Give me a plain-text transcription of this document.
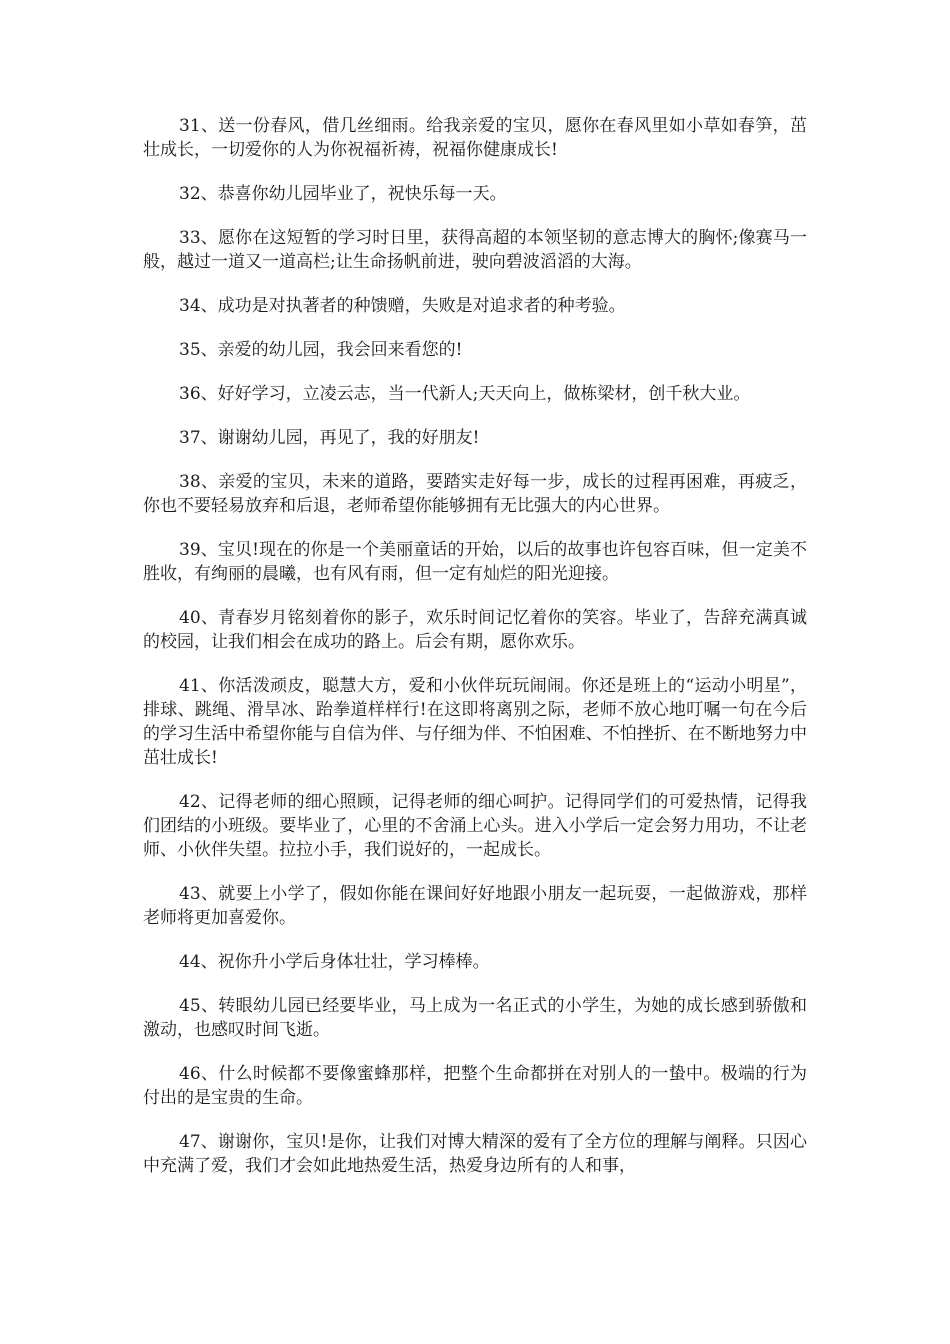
31、送一份春风，借几丝细雨。给我亲爱的宝贝，愿你在春风里如小草如春笋，茁壮成长，一切爱你的人为你祝福祈祷，祝福你健康成长!

32、恭喜你幼儿园毕业了，祝快乐每一天。

33、愿你在这短暂的学习时日里，获得高超的本领坚韧的意志博大的胸怀;像赛马一般，越过一道又一道高栏;让生命扬帆前进，驶向碧波滔滔的大海。

34、成功是对执著者的种馈赠，失败是对追求者的种考验。

35、亲爱的幼儿园，我会回来看您的!

36、好好学习，立凌云志，当一代新人;天天向上，做栋梁材，创千秋大业。

37、谢谢幼儿园，再见了，我的好朋友!

38、亲爱的宝贝，未来的道路，要踏实走好每一步，成长的过程再困难，再疲乏，你也不要轻易放弃和后退，老师希望你能够拥有无比强大的内心世界。

39、宝贝!现在的你是一个美丽童话的开始，以后的故事也许包容百味，但一定美不胜收，有绚丽的晨曦，也有风有雨，但一定有灿烂的阳光迎接。

40、青春岁月铭刻着你的影子，欢乐时间记忆着你的笑容。毕业了，告辞充满真诚的校园，让我们相会在成功的路上。后会有期，愿你欢乐。

41、你活泼顽皮，聪慧大方，爱和小伙伴玩玩闹闹。你还是班上的“运动小明星”，排球、跳绳、滑旱冰、跆拳道样样行!在这即将离别之际，老师不放心地叮嘱一句在今后的学习生活中希望你能与自信为伴、与仔细为伴、不怕困难、不怕挫折、在不断地努力中茁壮成长!

42、记得老师的细心照顾，记得老师的细心呵护。记得同学们的可爱热情，记得我们团结的小班级。要毕业了，心里的不舍涌上心头。进入小学后一定会努力用功，不让老师、小伙伴失望。拉拉小手，我们说好的，一起成长。

43、就要上小学了，假如你能在课间好好地跟小朋友一起玩耍，一起做游戏，那样老师将更加喜爱你。

44、祝你升小学后身体壮壮，学习棒棒。

45、转眼幼儿园已经要毕业，马上成为一名正式的小学生，为她的成长感到骄傲和激动，也感叹时间飞逝。

46、什么时候都不要像蜜蜂那样，把整个生命都拼在对别人的一蛰中。极端的行为付出的是宝贵的生命。

47、谢谢你，宝贝!是你，让我们对博大精深的爱有了全方位的理解与阐释。只因心中充满了爱，我们才会如此地热爱生活，热爱身边所有的人和事，
